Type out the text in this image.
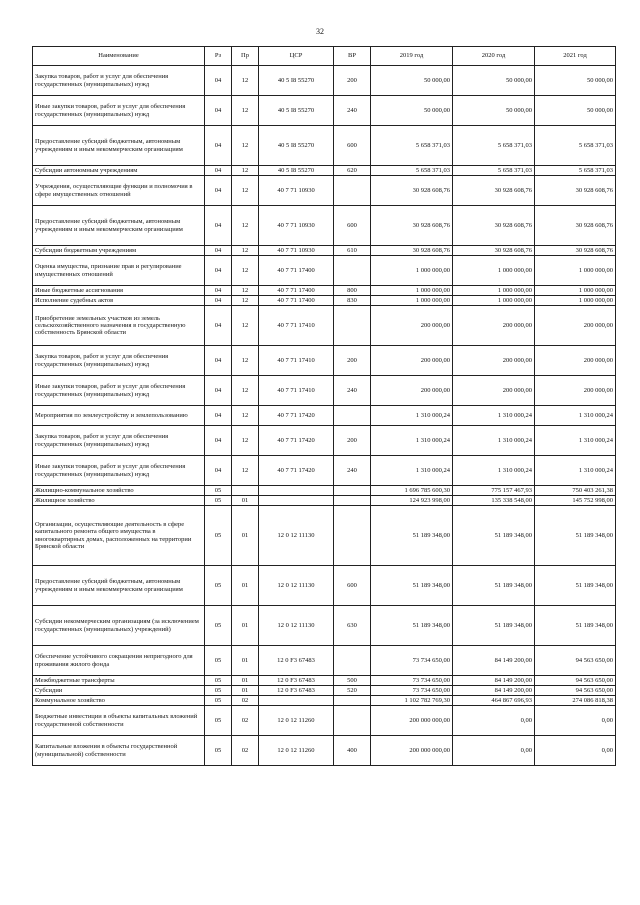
32
Наименование	Рз	Пр	ЦСР	ВР	2019 год	2020 год	2021 год
Закупка товаров, работ и услуг для обеспечения государственных (муниципальных) нужд	04	12	40 5 I8 55270	200	50 000,00	50 000,00	50 000,00
Иные закупки товаров, работ и услуг для обеспечения государственных (муниципальных) нужд	04	12	40 5 I8 55270	240	50 000,00	50 000,00	50 000,00
Предоставление субсидий бюджетным, автономным учреждениям и иным некоммерческим организациям	04	12	40 5 I8 55270	600	5 658 371,03	5 658 371,03	5 658 371,03
Субсидии автономным учреждениям	04	12	40 5 I8 55270	620	5 658 371,03	5 658 371,03	5 658 371,03
Учреждения, осуществляющие функции и полномочия в сфере имущественных отношений	04	12	40 7 71 10930		30 928 608,76	30 928 608,76	30 928 608,76
Предоставление субсидий бюджетным, автономным учреждениям и иным некоммерческим организациям	04	12	40 7 71 10930	600	30 928 608,76	30 928 608,76	30 928 608,76
Субсидии бюджетным учреждениям	04	12	40 7 71 10930	610	30 928 608,76	30 928 608,76	30 928 608,76
Оценка имущества, признание прав и регулирование имущественных отношений	04	12	40 7 71 17400		1 000 000,00	1 000 000,00	1 000 000,00
Иные бюджетные ассигнования	04	12	40 7 71 17400	800	1 000 000,00	1 000 000,00	1 000 000,00
Исполнение судебных актов	04	12	40 7 71 17400	830	1 000 000,00	1 000 000,00	1 000 000,00
Приобретение земельных участков из земель сельскохозяйственного назначения в государственную собственность Брянской области	04	12	40 7 71 17410		200 000,00	200 000,00	200 000,00
Закупка товаров, работ и услуг для обеспечения государственных (муниципальных) нужд	04	12	40 7 71 17410	200	200 000,00	200 000,00	200 000,00
Иные закупки товаров, работ и услуг для обеспечения государственных (муниципальных) нужд	04	12	40 7 71 17410	240	200 000,00	200 000,00	200 000,00
Мероприятия по землеустройству и землепользованию	04	12	40 7 71 17420		1 310 000,24	1 310 000,24	1 310 000,24
Закупка товаров, работ и услуг для обеспечения государственных (муниципальных) нужд	04	12	40 7 71 17420	200	1 310 000,24	1 310 000,24	1 310 000,24
Иные закупки товаров, работ и услуг для обеспечения государственных (муниципальных) нужд	04	12	40 7 71 17420	240	1 310 000,24	1 310 000,24	1 310 000,24
Жилищно-коммунальное хозяйство	05				1 696 785 600,30	775 157 467,93	750 403 261,38
Жилищное хозяйство	05	01			124 923 998,00	135 338 548,00	145 752 998,00
Организации, осуществляющие деятельность в сфере капитального ремонта общего имущества в многоквартирных домах, расположенных на территории Брянской области	05	01	12 0 12 11130		51 189 348,00	51 189 348,00	51 189 348,00
Предоставление субсидий бюджетным, автономным учреждениям и иным некоммерческим организациям	05	01	12 0 12 11130	600	51 189 348,00	51 189 348,00	51 189 348,00
Субсидии некоммерческим организациям (за исключением государственных (муниципальных) учреждений)	05	01	12 0 12 11130	630	51 189 348,00	51 189 348,00	51 189 348,00
Обеспечение устойчивого сокращения непригодного для проживания жилого фонда	05	01	12 0 F3 67483		73 734 650,00	84 149 200,00	94 563 650,00
Межбюджетные трансферты	05	01	12 0 F3 67483	500	73 734 650,00	84 149 200,00	94 563 650,00
Субсидии	05	01	12 0 F3 67483	520	73 734 650,00	84 149 200,00	94 563 650,00
Коммунальное хозяйство	05	02			1 102 782 769,30	464 867 696,93	274 086 818,38
Бюджетные инвестиции в объекты капитальных вложений государственной собственности	05	02	12 0 12 11260		200 000 000,00	0,00	0,00
Капитальные вложения в объекты государственной (муниципальной) собственности	05	02	12 0 12 11260	400	200 000 000,00	0,00	0,00
